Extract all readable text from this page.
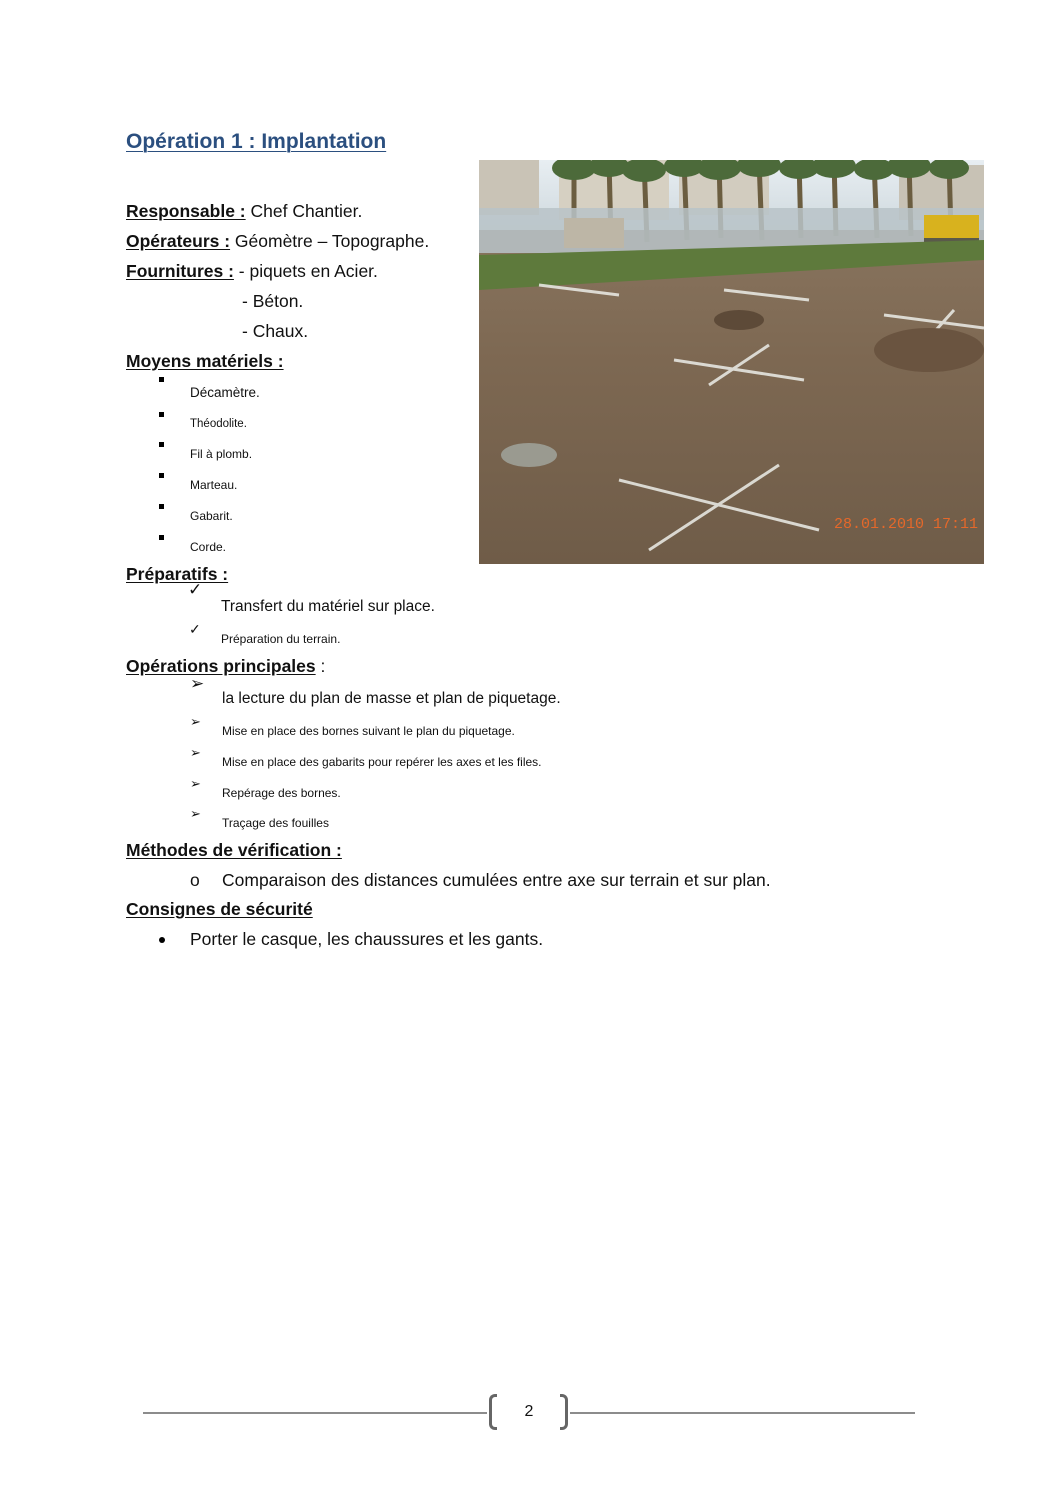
Opération 1 : Implantation
Responsable : Chef Chantier.
Opérateurs : Géomètre – Topographe.
Fournitures : - piquets en Acier.
- Béton.
- Chaux.
Moyens matériels :
Décamètre.
Théodolite.
Fil à plomb.
Marteau.
Gabarit.
Corde.
Préparatifs :
✓
Transfert du matériel sur place.
✓
Préparation du terrain.
Opérations principales :
➢
la lecture du plan de masse et plan de piquetage.
➢
Mise en place des bornes suivant le plan du piquetage.
➢
Mise en place des gabarits pour repérer les axes et les files.
➢
Repérage des bornes.
➢
Traçage des fouilles
Méthodes de vérification :
o Comparaison des distances cumulées entre axe sur terrain et sur plan.
Consignes de sécurité
Porter le casque, les chaussures et les gants.
28.01.2010 17:11
2
